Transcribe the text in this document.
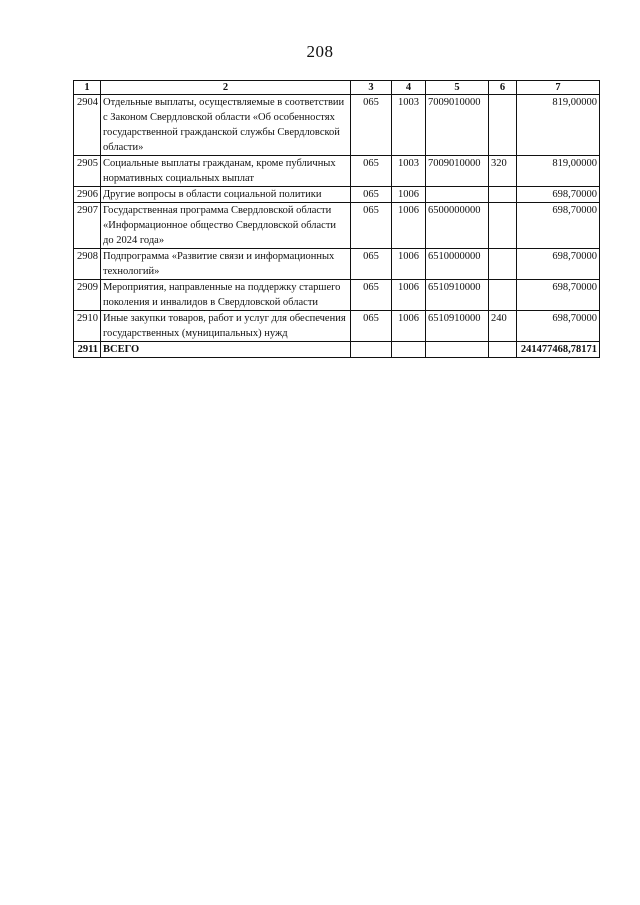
208
1	2	3	4	5	6	7
2904	Отдельные выплаты, осуществляемые в соответствии с Законом Свердловской области «Об особенностях государственной гражданской службы Свердловской области»	065	1003	7009010000		819,00000
2905	Социальные выплаты гражданам, кроме публичных нормативных социальных выплат	065	1003	7009010000	320	819,00000
2906	Другие вопросы в области социальной политики	065	1006			698,70000
2907	Государственная программа Свердловской области «Информационное общество Свердловской области до 2024 года»	065	1006	6500000000		698,70000
2908	Подпрограмма «Развитие связи и информационных технологий»	065	1006	6510000000		698,70000
2909	Мероприятия, направленные на поддержку старшего поколения и инвалидов в Свердловской области	065	1006	6510910000		698,70000
2910	Иные закупки товаров, работ и услуг для обеспечения государственных (муниципальных) нужд	065	1006	6510910000	240	698,70000
2911	ВСЕГО					241477468,78171
